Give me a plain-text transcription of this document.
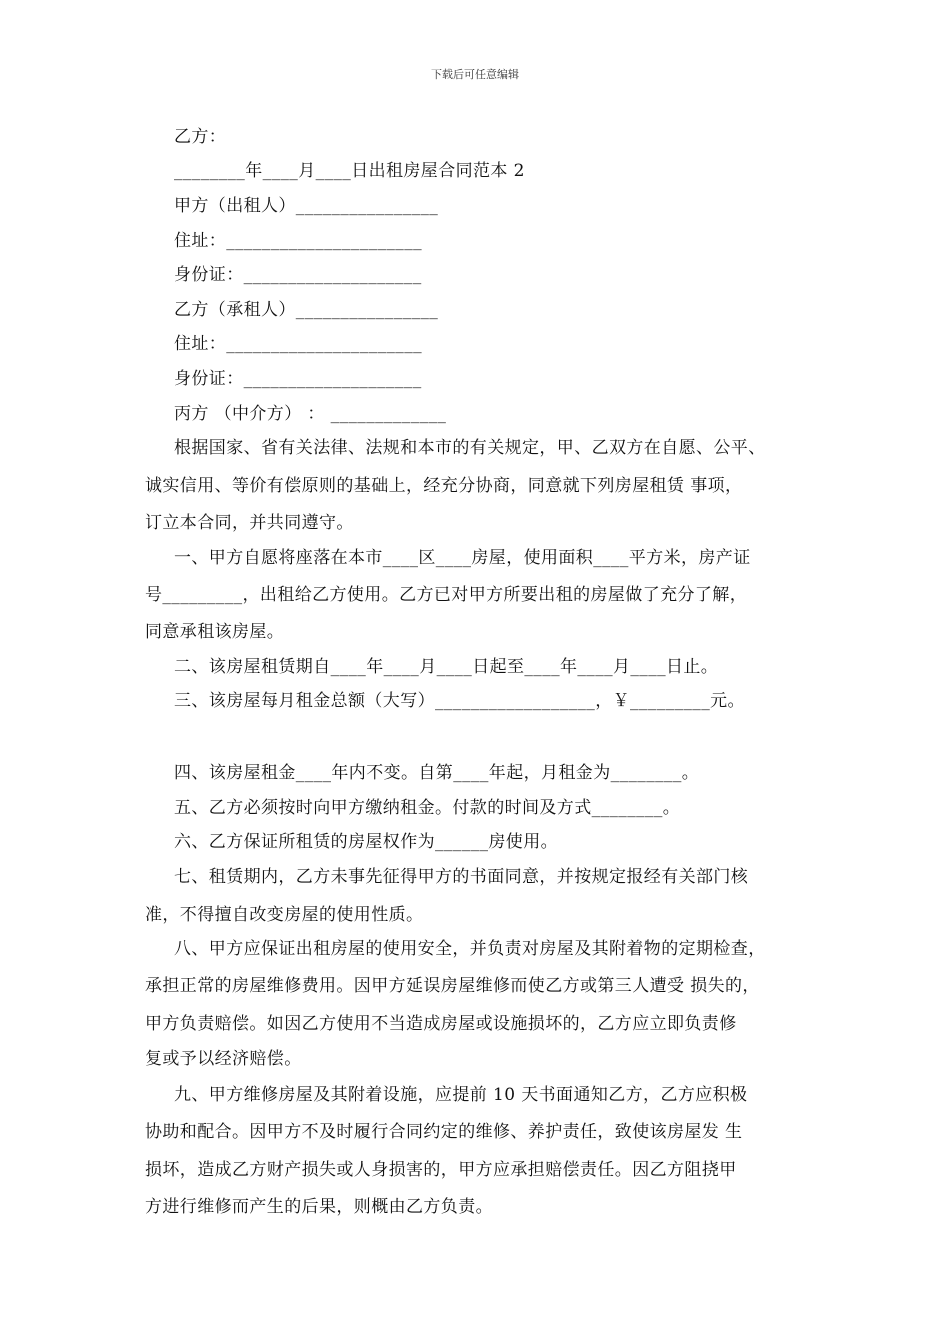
下载后可任意编辑
乙方：
________年____月____日出租房屋合同范本 2
甲方（出租人）________________
住址：______________________
身份证：____________________
乙方（承租人）________________
住址：______________________
身份证：____________________
丙方 （中介方） ： _____________
根据国家、省有关法律、法规和本市的有关规定，甲、乙双方在自愿、公平、
诚实信用、等价有偿原则的基础上，经充分协商，同意就下列房屋租赁 事项，
订立本合同，并共同遵守。
一、甲方自愿将座落在本市____区____房屋，使用面积____平方米，房产证
号_________，出租给乙方使用。乙方已对甲方所要出租的房屋做了充分了解，
同意承租该房屋。
二、该房屋租赁期自____年____月____日起至____年____月____日止。
三、该房屋每月租金总额（大写）__________________，￥_________元。
四、该房屋租金____年内不变。自第____年起，月租金为________。
五、乙方必须按时向甲方缴纳租金。付款的时间及方式________。
六、乙方保证所租赁的房屋权作为______房使用。
七、租赁期内，乙方未事先征得甲方的书面同意，并按规定报经有关部门核
准，不得擅自改变房屋的使用性质。
八、甲方应保证出租房屋的使用安全，并负责对房屋及其附着物的定期检查，
承担正常的房屋维修费用。因甲方延误房屋维修而使乙方或第三人遭受 损失的，
甲方负责赔偿。如因乙方使用不当造成房屋或设施损坏的，乙方应立即负责修
复或予以经济赔偿。
九、甲方维修房屋及其附着设施，应提前 10 天书面通知乙方，乙方应积极
协助和配合。因甲方不及时履行合同约定的维修、养护责任，致使该房屋发 生
损坏，造成乙方财产损失或人身损害的，甲方应承担赔偿责任。因乙方阻挠甲
方进行维修而产生的后果，则概由乙方负责。
